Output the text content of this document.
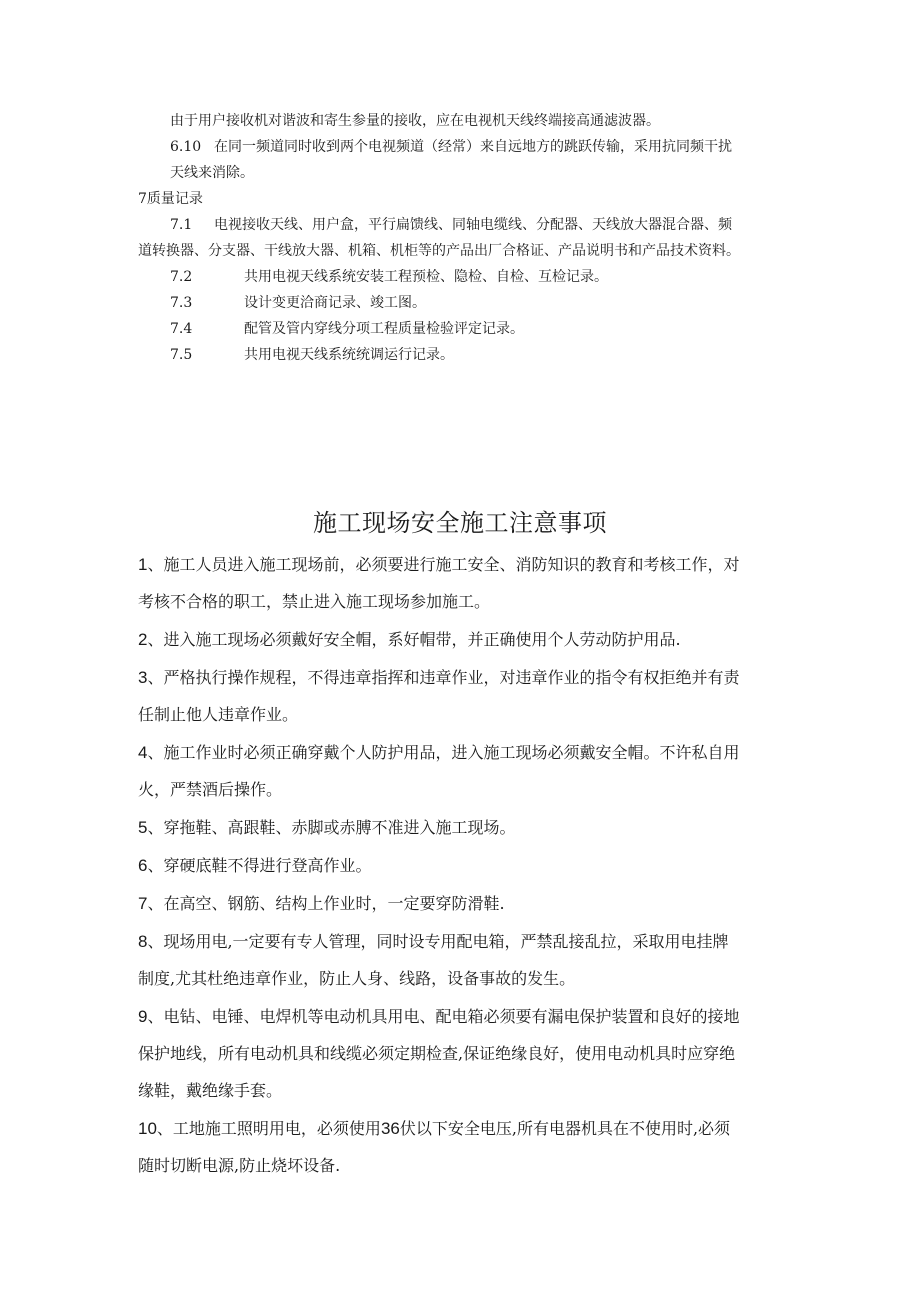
由于用户接收机对谐波和寄生参量的接收，应在电视机天线终端接高通滤波器。

6.10 在同一频道同时收到两个电视频道（经常）来自远地方的跳跃传输，采用抗同频干扰

天线来消除。

7质量记录

7.1 电视接收天线、用户盒，平行扁馈线、同轴电缆线、分配器、天线放大器混合器、频

道转换器、分支器、干线放大器、机箱、机柜等的产品出厂合格证、产品说明书和产品技术资料。

7.2	共用电视天线系统安装工程预检、隐检、自检、互检记录。

7.3	设计变更洽商记录、竣工图。

7.4	配管及管内穿线分项工程质量检验评定记录。

7.5	共用电视天线系统统调运行记录。

施工现场安全施工注意事项
1、施工人员进入施工现场前，必须要进行施工安全、消防知识的教育和考核工作，对
考核不合格的职工，禁止进入施工现场参加施工。
2、进入施工现场必须戴好安全帽，系好帽带，并正确使用个人劳动防护用品.
3、严格执行操作规程，不得违章指挥和违章作业，对违章作业的指令有权拒绝并有责
任制止他人违章作业。
4、施工作业时必须正确穿戴个人防护用品，进入施工现场必须戴安全帽。不许私自用
火，严禁酒后操作。
5、穿拖鞋、高跟鞋、赤脚或赤膊不准进入施工现场。
6、穿硬底鞋不得进行登高作业。
7、在高空、钢筋、结构上作业时，一定要穿防滑鞋.
8、现场用电,一定要有专人管理，同时设专用配电箱，严禁乱接乱拉，采取用电挂牌
制度,尤其杜绝违章作业，防止人身、线路，设备事故的发生。
9、电钻、电锤、电焊机等电动机具用电、配电箱必须要有漏电保护装置和良好的接地
保护地线，所有电动机具和线缆必须定期检查,保证绝缘良好，使用电动机具时应穿绝
缘鞋，戴绝缘手套。
10、工地施工照明用电，必须使用36伏以下安全电压,所有电器机具在不使用时,必须
随时切断电源,防止烧坏设备.
